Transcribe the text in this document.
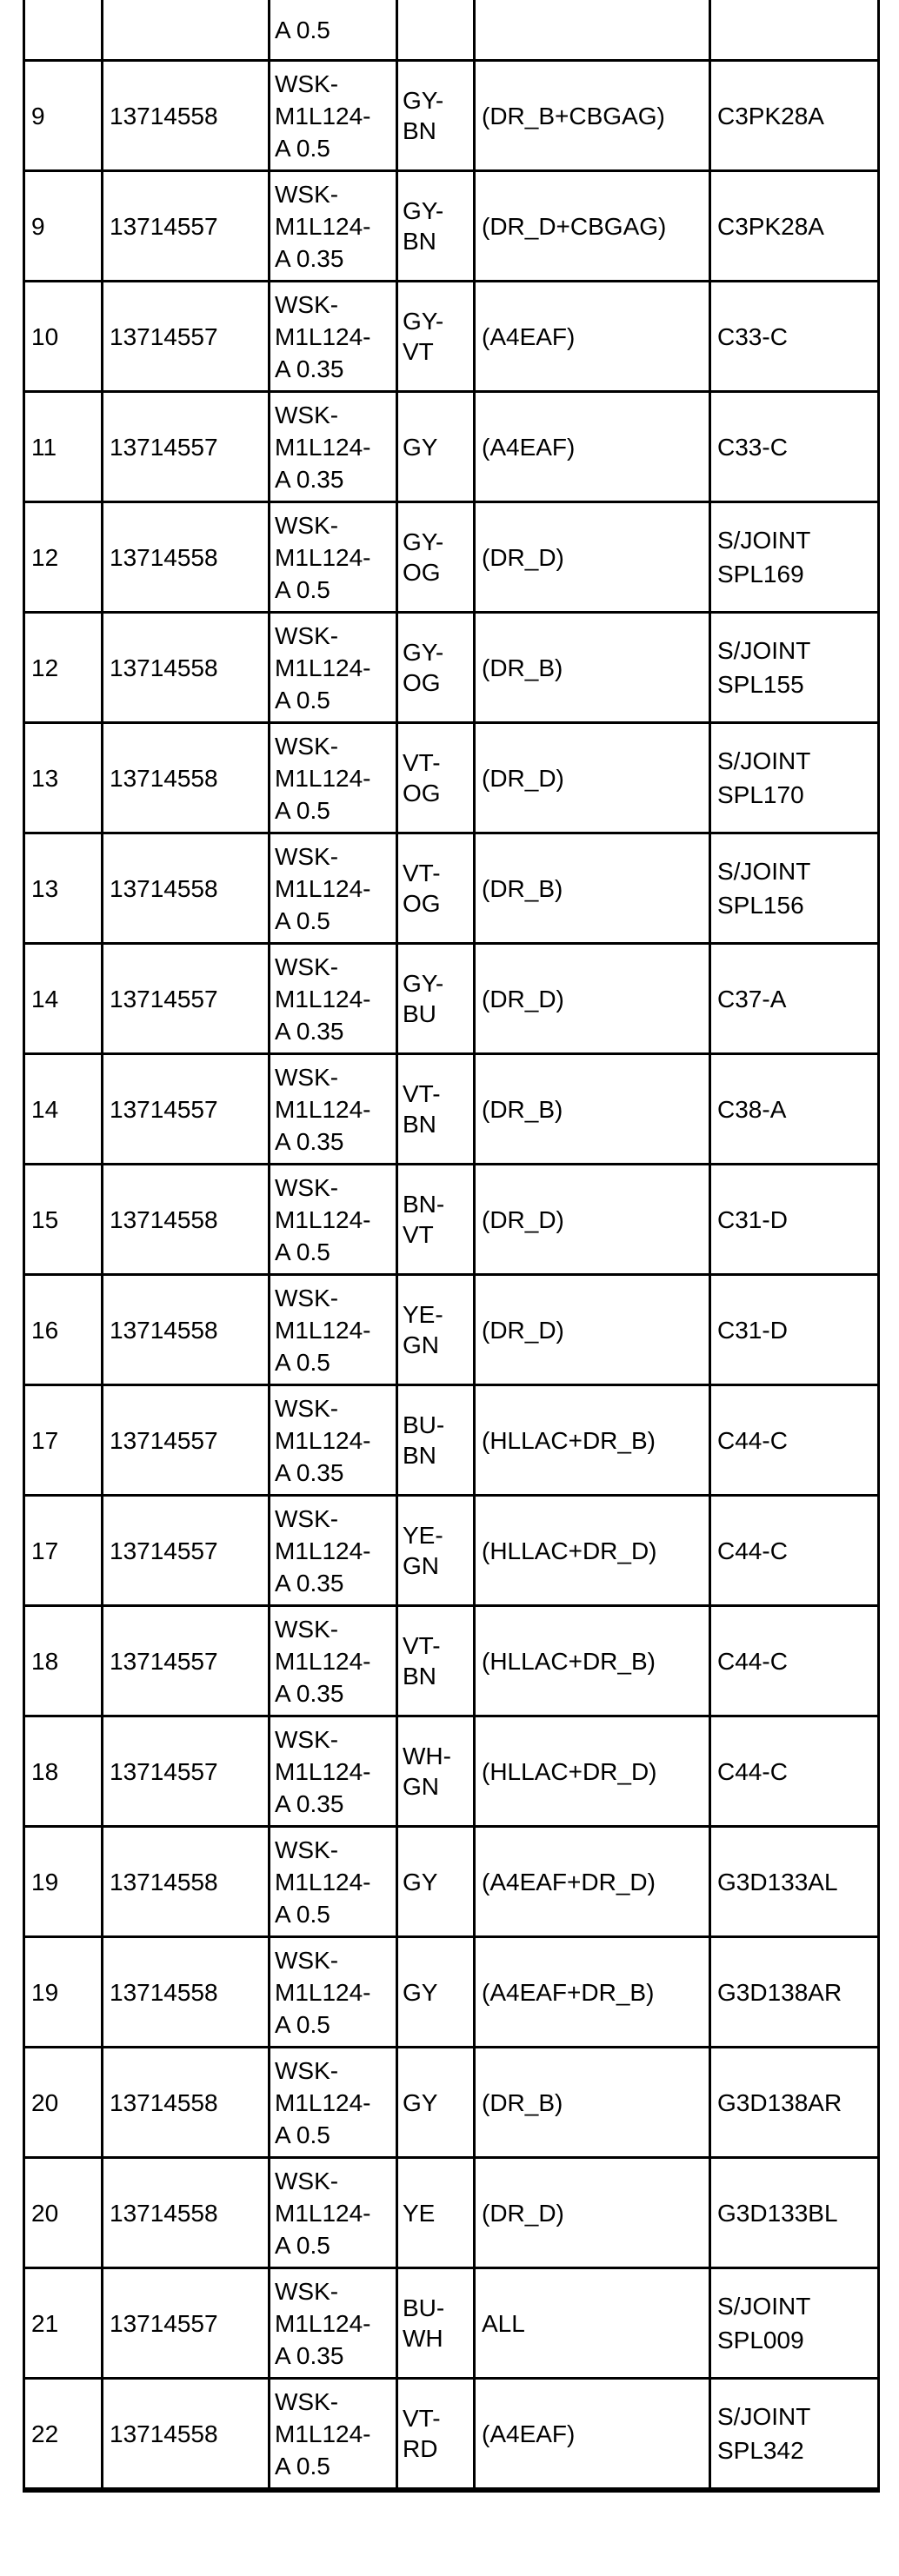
		A 0.5			
9	13714558	WSK-
M1L124-
A 0.5	GY-
BN	(DR_B+CBGAG)	C3PK28A
9	13714557	WSK-
M1L124-
A 0.35	GY-
BN	(DR_D+CBGAG)	C3PK28A
10	13714557	WSK-
M1L124-
A 0.35	GY-
VT	(A4EAF)	C33-C
11	13714557	WSK-
M1L124-
A 0.35	GY	(A4EAF)	C33-C
12	13714558	WSK-
M1L124-
A 0.5	GY-
OG	(DR_D)	S/JOINT
SPL169
12	13714558	WSK-
M1L124-
A 0.5	GY-
OG	(DR_B)	S/JOINT
SPL155
13	13714558	WSK-
M1L124-
A 0.5	VT-
OG	(DR_D)	S/JOINT
SPL170
13	13714558	WSK-
M1L124-
A 0.5	VT-
OG	(DR_B)	S/JOINT
SPL156
14	13714557	WSK-
M1L124-
A 0.35	GY-
BU	(DR_D)	C37-A
14	13714557	WSK-
M1L124-
A 0.35	VT-
BN	(DR_B)	C38-A
15	13714558	WSK-
M1L124-
A 0.5	BN-
VT	(DR_D)	C31-D
16	13714558	WSK-
M1L124-
A 0.5	YE-
GN	(DR_D)	C31-D
17	13714557	WSK-
M1L124-
A 0.35	BU-
BN	(HLLAC+DR_B)	C44-C
17	13714557	WSK-
M1L124-
A 0.35	YE-
GN	(HLLAC+DR_D)	C44-C
18	13714557	WSK-
M1L124-
A 0.35	VT-
BN	(HLLAC+DR_B)	C44-C
18	13714557	WSK-
M1L124-
A 0.35	WH-
GN	(HLLAC+DR_D)	C44-C
19	13714558	WSK-
M1L124-
A 0.5	GY	(A4EAF+DR_D)	G3D133AL
19	13714558	WSK-
M1L124-
A 0.5	GY	(A4EAF+DR_B)	G3D138AR
20	13714558	WSK-
M1L124-
A 0.5	GY	(DR_B)	G3D138AR
20	13714558	WSK-
M1L124-
A 0.5	YE	(DR_D)	G3D133BL
21	13714557	WSK-
M1L124-
A 0.35	BU-
WH	ALL	S/JOINT
SPL009
22	13714558	WSK-
M1L124-
A 0.5	VT-
RD	(A4EAF)	S/JOINT
SPL342
